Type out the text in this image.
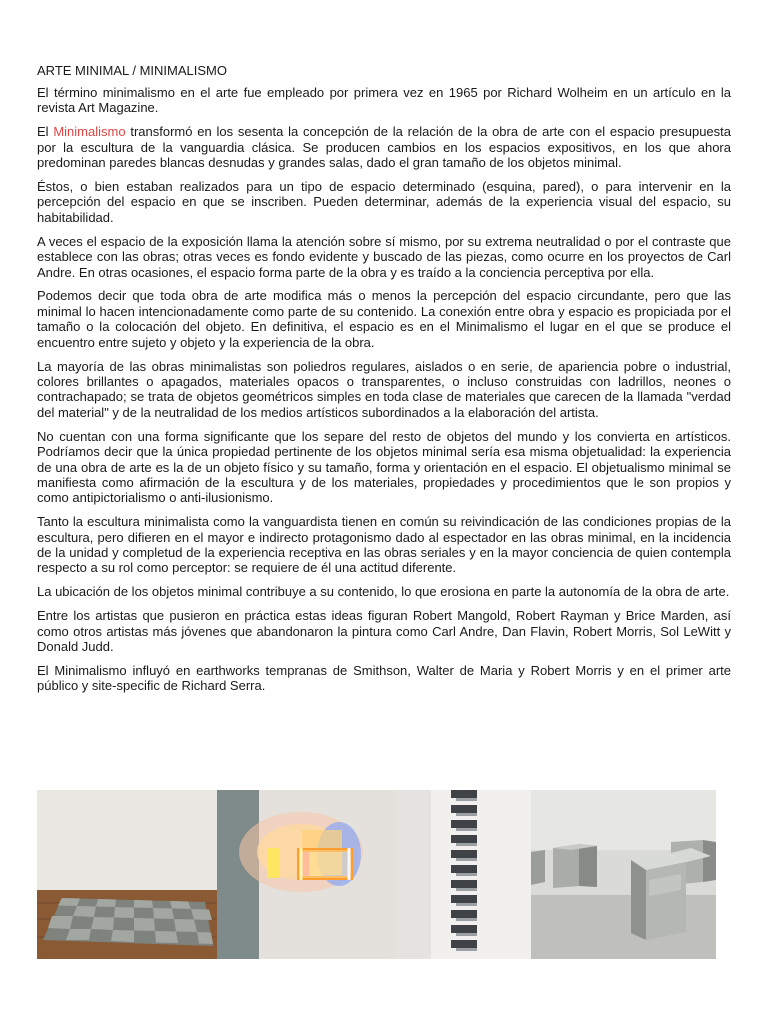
ARTE MINIMAL / MINIMALISMO

El término minimalismo en el arte fue empleado por primera vez en 1965 por Richard Wolheim en un artículo en la revista Art Magazine.

El Minimalismo transformó en los sesenta la concepción de la relación de la obra de arte con el espacio presupuesta por la escultura de la vanguardia clásica. Se producen cambios en los espacios expositivos, en los que ahora predominan paredes blancas desnudas y grandes salas, dado el gran tamaño de los objetos minimal.

Éstos, o bien estaban realizados para un tipo de espacio determinado (esquina, pared), o para intervenir en la percepción del espacio en que se inscriben. Pueden determinar, además de la experiencia visual del espacio, su habitabilidad.

A veces el espacio de la exposición llama la atención sobre sí mismo, por su extrema neutralidad o por el contraste que establece con las obras; otras veces es fondo evidente y buscado de las piezas, como ocurre en los proyectos de Carl Andre. En otras ocasiones, el espacio forma parte de la obra y es traído a la conciencia perceptiva por ella.

Podemos decir que toda obra de arte modifica más o menos la percepción del espacio circundante, pero que las minimal lo hacen intencionadamente como parte de su contenido. La conexión entre obra y espacio es propiciada por el tamaño o la colocación del objeto. En definitiva, el espacio es en el Minimalismo el lugar en el que se produce el encuentro entre sujeto y objeto y la experiencia de la obra.

La mayoría de las obras minimalistas son poliedros regulares, aislados o en serie, de apariencia pobre o industrial, colores brillantes o apagados, materiales opacos o transparentes, o incluso construidas con ladrillos, neones o contrachapado; se trata de objetos geométricos simples en toda clase de materiales que carecen de la llamada "verdad del material" y de la neutralidad de los medios artísticos subordinados a la elaboración del artista.

No cuentan con una forma significante que los separe del resto de objetos del mundo y los convierta en artísticos. Podríamos decir que la única propiedad pertinente de los objetos minimal sería esa misma objetualidad: la experiencia de una obra de arte es la de un objeto físico y su tamaño, forma y orientación en el espacio. El objetualismo minimal se manifiesta como afirmación de la escultura y de los materiales, propiedades y procedimientos que le son propios y como antipictorialismo o anti-ilusionismo.

Tanto la escultura minimalista como la vanguardista tienen en común su reivindicación de las condiciones propias de la escultura, pero difieren en el mayor e indirecto protagonismo dado al espectador en las obras minimal, en la incidencia de la unidad y completud de la experiencia receptiva en las obras seriales y en la mayor conciencia de quien contempla respecto a su rol como perceptor: se requiere de él una actitud diferente.

La ubicación de los objetos minimal contribuye a su contenido, lo que erosiona en parte la autonomía de la obra de arte.

Entre los artistas que pusieron en práctica estas ideas figuran Robert Mangold, Robert Rayman y Brice Marden, así como otros artistas más jóvenes que abandonaron la pintura como Carl Andre, Dan Flavin, Robert Morris, Sol LeWitt y Donald Judd.

El Minimalismo influyó en earthworks tempranas de Smithson, Walter de Maria y Robert Morris y en el primer arte público y site-specific de Richard Serra.
